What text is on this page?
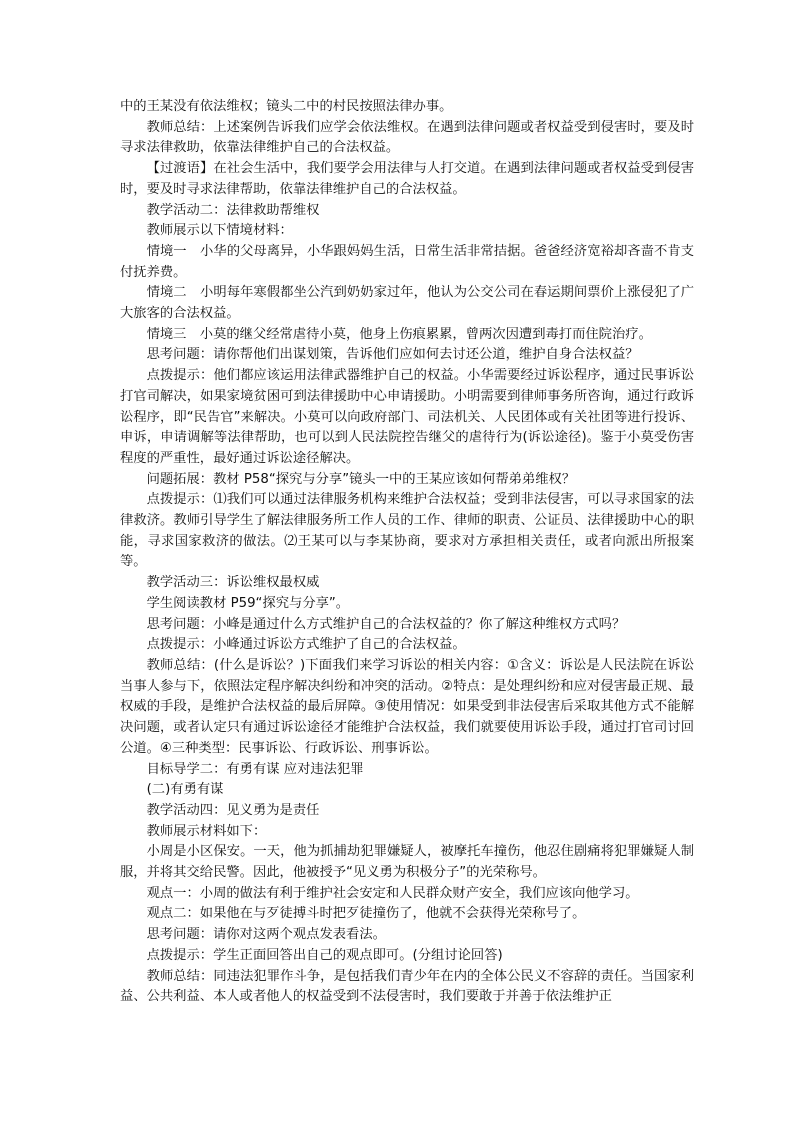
中的王某没有依法维权；镜头二中的村民按照法律办事。

教师总结：上述案例告诉我们应学会依法维权。在遇到法律问题或者权益受到侵害时，要及时寻求法律救助，依靠法律维护自己的合法权益。

【过渡语】在社会生活中，我们要学会用法律与人打交道。在遇到法律问题或者权益受到侵害时，要及时寻求法律帮助，依靠法律维护自己的合法权益。

教学活动二：法律救助帮维权

教师展示以下情境材料：

情境一　小华的父母离异，小华跟妈妈生活，日常生活非常拮据。爸爸经济宽裕却吝啬不肯支付抚养费。

情境二　小明每年寒假都坐公汽到奶奶家过年，他认为公交公司在春运期间票价上涨侵犯了广大旅客的合法权益。

情境三　小莫的继父经常虐待小莫，他身上伤痕累累，曾两次因遭到毒打而住院治疗。

思考问题：请你帮他们出谋划策，告诉他们应如何去讨还公道，维护自身合法权益？

点拨提示：他们都应该运用法律武器维护自己的权益。小华需要经过诉讼程序，通过民事诉讼打官司解决，如果家境贫困可到法律援助中心申请援助。小明需要到律师事务所咨询，通过行政诉讼程序，即“民告官”来解决。小莫可以向政府部门、司法机关、人民团体或有关社团等进行投诉、申诉，申请调解等法律帮助，也可以到人民法院控告继父的虐待行为(诉讼途径)。鉴于小莫受伤害程度的严重性，最好通过诉讼途径解决。

问题拓展：教材 P58“探究与分享”镜头一中的王某应该如何帮弟弟维权？

点拨提示：⑴我们可以通过法律服务机构来维护合法权益；受到非法侵害，可以寻求国家的法律救济。教师引导学生了解法律服务所工作人员的工作、律师的职责、公证员、法律援助中心的职能，寻求国家救济的做法。⑵王某可以与李某协商，要求对方承担相关责任，或者向派出所报案等。

教学活动三：诉讼维权最权威

学生阅读教材 P59“探究与分享”。

思考问题：小峰是通过什么方式维护自己的合法权益的？你了解这种维权方式吗？

点拨提示：小峰通过诉讼方式维护了自己的合法权益。

教师总结：(什么是诉讼？)下面我们来学习诉讼的相关内容：①含义：诉讼是人民法院在诉讼当事人参与下，依照法定程序解决纠纷和冲突的活动。②特点：是处理纠纷和应对侵害最正规、最权威的手段，是维护合法权益的最后屏障。③使用情况：如果受到非法侵害后采取其他方式不能解决问题，或者认定只有通过诉讼途径才能维护合法权益，我们就要使用诉讼手段，通过打官司讨回公道。④三种类型：民事诉讼、行政诉讼、刑事诉讼。

目标导学二：有勇有谋 应对违法犯罪

(二)有勇有谋

教学活动四：见义勇为是责任

教师展示材料如下：

小周是小区保安。一天，他为抓捕劫犯罪嫌疑人，被摩托车撞伤，他忍住剧痛将犯罪嫌疑人制服，并将其交给民警。因此，他被授予“见义勇为积极分子”的光荣称号。

观点一：小周的做法有利于维护社会安定和人民群众财产安全，我们应该向他学习。

观点二：如果他在与歹徒搏斗时把歹徒撞伤了，他就不会获得光荣称号了。

思考问题：请你对这两个观点发表看法。

点拨提示：学生正面回答出自己的观点即可。(分组讨论回答)

教师总结：同违法犯罪作斗争，是包括我们青少年在内的全体公民义不容辞的责任。当国家利益、公共利益、本人或者他人的权益受到不法侵害时，我们要敢于并善于依法维护正
